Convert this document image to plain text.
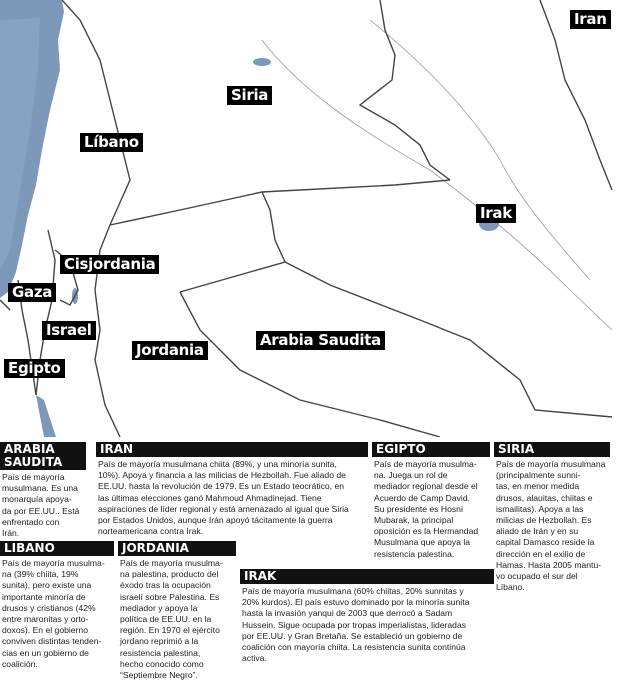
Iran
Siria
Líbano
Irak
Cisjordania
Gaza
Israel
Egipto
Jordania
Arabia Saudita
ARABIA
SAUDITA
País de mayoría
musulmana. Es una
monarquía apoya-
da por EE.UU.. Está
enfrentado con
Irán.
IRAN
País de mayoría musulmana chiita (89%, y una minoría sunita,
10%). Apoya y financia a las milicias de Hezbollah. Fue aliado de
EE.UU. hasta la revolución de 1979. Es un Estado teocrático, en
las últimas elecciones ganó Mahmoud Ahmadinejad. Tiene
aspiraciones de líder regional y está amenazado al igual que Siria
por Estados Unidos, aunque Irán apoyó tácitamente la guerra
norteamericana contra Irak.
EGIPTO
País de mayoría musulma-
na. Juega un rol de
mediador regional desde el
Acuerdo de Camp David.
Su presidente es Hosni
Mubarak, la principal
oposición es la Hermandad
Musulmana que apoya la
resistencia palestina.
SIRIA
País de mayoría musulmana
(principalmente sunni-
tas, en menor medida
drusos, alauitas, chiitas e
ismailitas). Apoya a las
milicias de Hezbollah. Es
aliado de Irán y en su
capital Damasco reside la
dirección en el exilio de
Hamas. Hasta 2005 mantu-
vo ocupado el sur del
Líbano.
LIBANO
País de mayoría musulma-
na (39% chiita, 19%
sunita), pero existe una
importante minoría de
drusos y cristianos (42%
entre maronitas y orto-
doxos). En el gobierno
conviven distintas tenden-
cias en un gobierno de
coalición.
JORDANIA
País de mayoría musulma-
na palestina, producto del
éxodo tras la ocupación
israelí sobre Palestina. Es
mediador y apoya la
política de EE.UU. en la
región. En 1970 el ejército
jordano reprimió a la
resistencia palestina,
hecho conocido como
“Septiembre Negro”.
IRAK
País de mayoría musulmana (60% chiitas, 20% sunnitas y
20% kurdos). El país estuvo dominado por la minoría sunita
hasta la invasión yanqui de 2003 que derrocó a Sadam
Hussein. Sigue ocupada por tropas imperialistas, lideradas
por EE.UU. y Gran Bretaña. Se estableció un gobierno de
coalición con mayoría chiita. La resistencia sunita continúa
activa.
